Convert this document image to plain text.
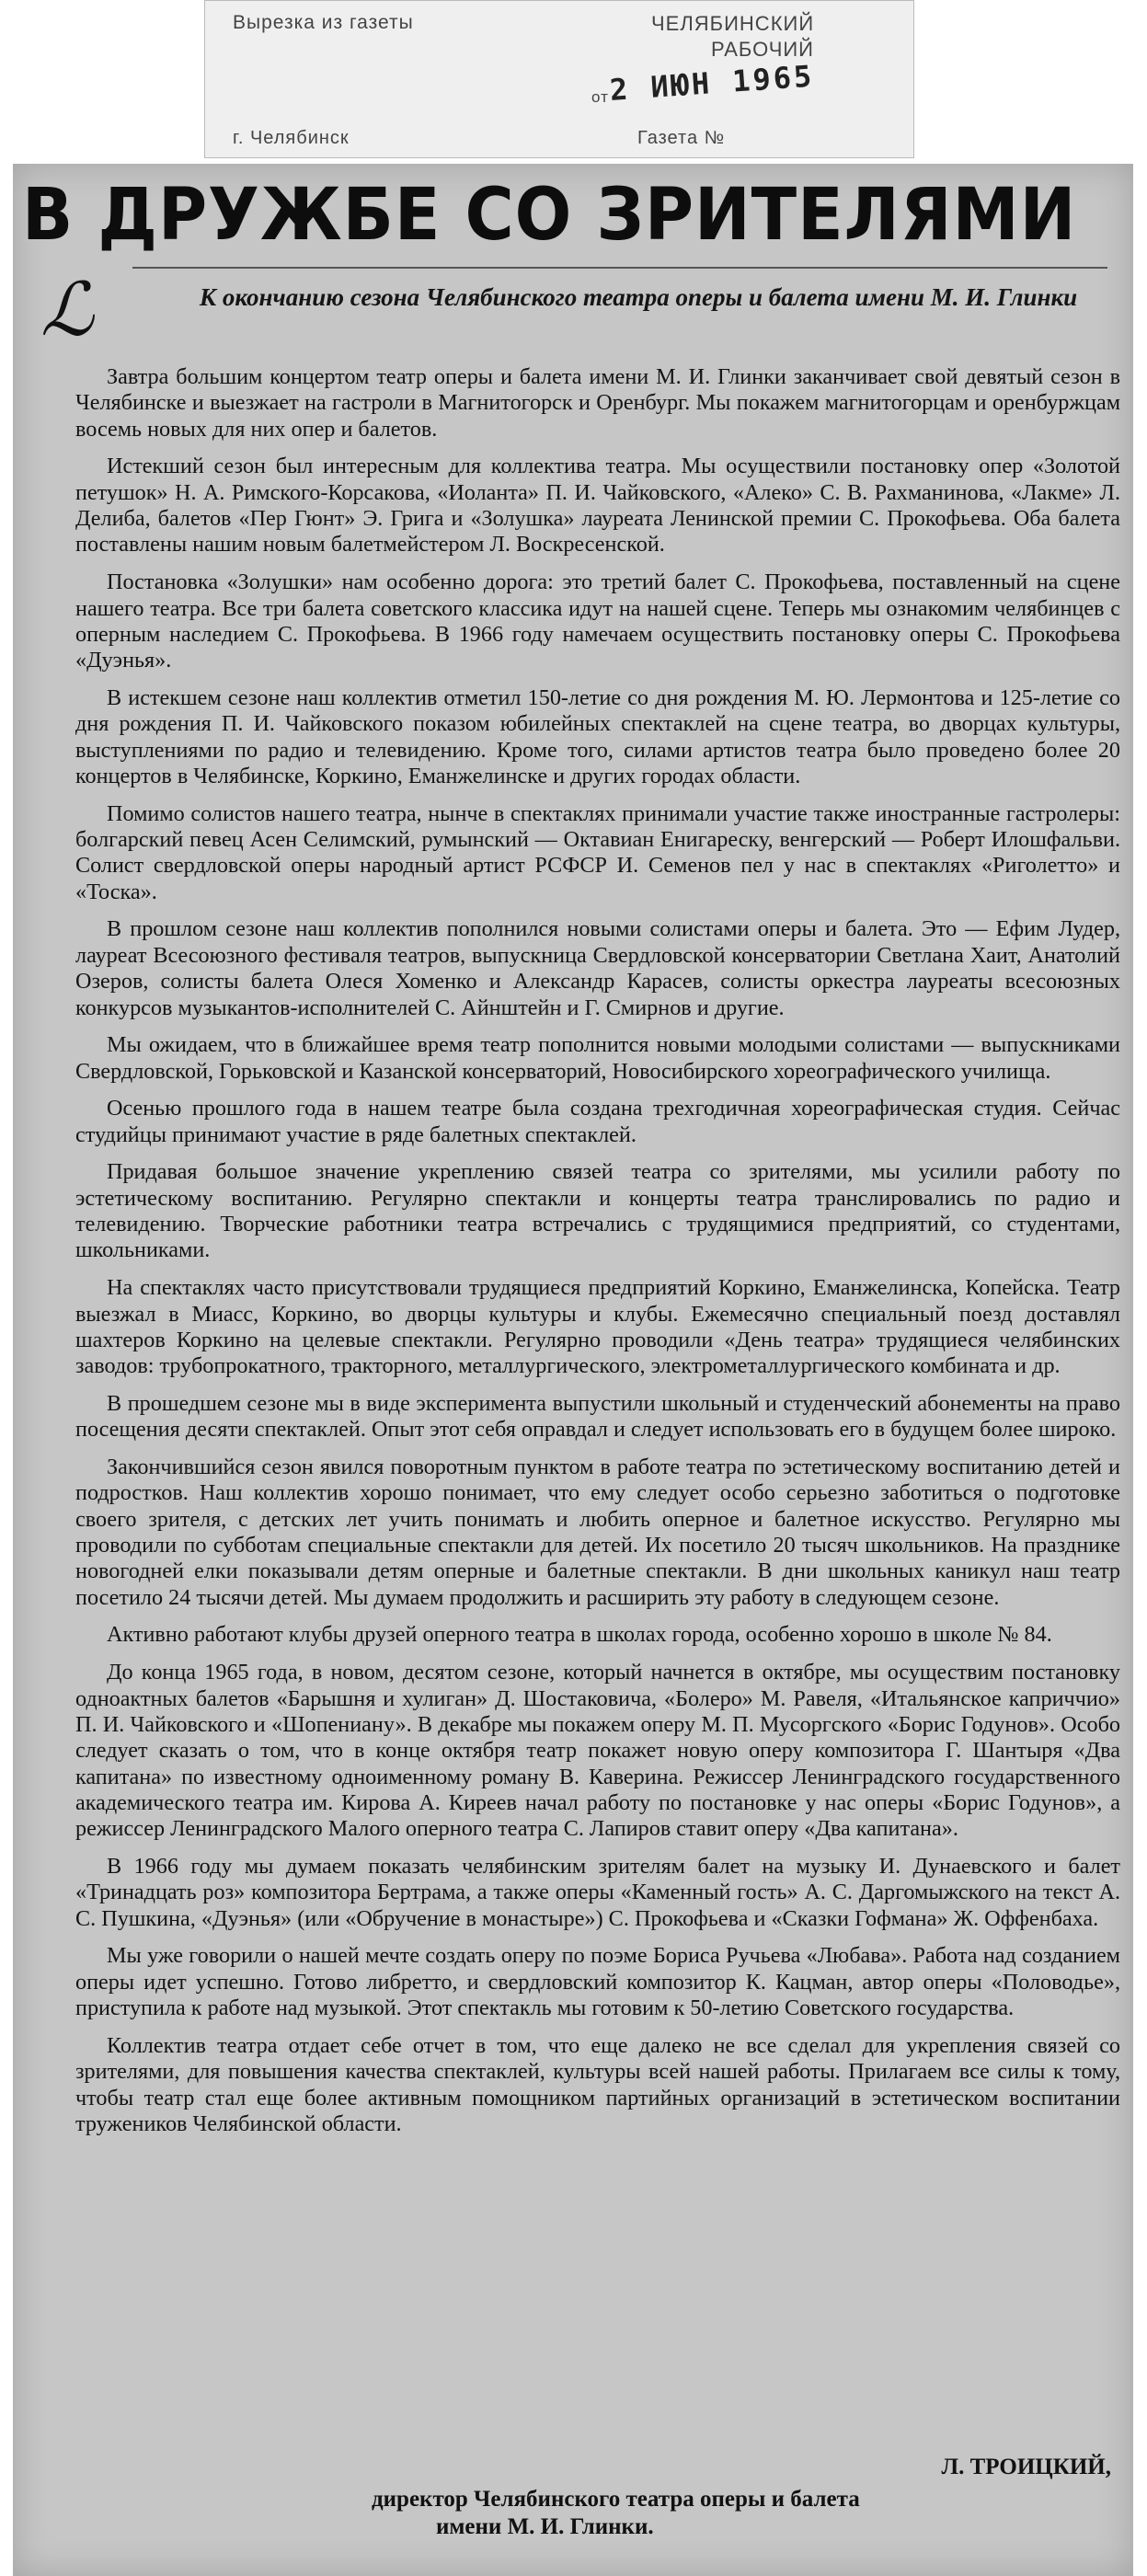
Вырезка из газеты	ЧЕЛЯБИНСКИЙ
РАБОЧИЙ
от 2 ИЮН 1965
г. Челябинск	Газета №
В ДРУЖБЕ СО ЗРИТЕЛЯМИ
ℒ	К окончанию сезона Челябинского театра оперы и балета имени М. И. Глинки

Завтра большим концертом театр оперы и балета имени М. И. Глинки заканчивает свой девятый сезон в Челябинске и выезжает на гастроли в Магнитогорск и Оренбург. Мы покажем магнитогорцам и оренбуржцам восемь новых для них опер и балетов.

Истекший сезон был интересным для коллектива театра. Мы осуществили постановку опер «Золотой петушок» Н. А. Римского-Корсакова, «Иоланта» П. И. Чайковского, «Алеко» С. В. Рахманинова, «Лакме» Л. Делиба, балетов «Пер Гюнт» Э. Грига и «Золушка» лауреата Ленинской премии С. Прокофьева. Оба балета поставлены нашим новым балетмейстером Л. Воскресенской.

Постановка «Золушки» нам особенно дорога: это третий балет С. Прокофьева, поставленный на сцене нашего театра. Все три балета советского классика идут на нашей сцене. Теперь мы ознакомим челябинцев с оперным наследием С. Прокофьева. В 1966 году намечаем осуществить постановку оперы С. Прокофьева «Дуэнья».

В истекшем сезоне наш коллектив отметил 150-летие со дня рождения М. Ю. Лермонтова и 125-летие со дня рождения П. И. Чайковского показом юбилейных спектаклей на сцене театра, во дворцах культуры, выступлениями по радио и телевидению. Кроме того, силами артистов театра было проведено более 20 концертов в Челябинске, Коркино, Еманжелинске и других городах области.

Помимо солистов нашего театра, нынче в спектаклях принимали участие также иностранные гастролеры: болгарский певец Асен Селимский, румынский — Октавиан Енигареску, венгерский — Роберт Илошфальви. Солист свердловской оперы народный артист РСФСР И. Семенов пел у нас в спектаклях «Риголетто» и «Тоска».

В прошлом сезоне наш коллектив пополнился новыми солистами оперы и балета. Это — Ефим Лудер, лауреат Всесоюзного фестиваля театров, выпускница Свердловской консерватории Светлана Хаит, Анатолий Озеров, солисты балета Олеся Хоменко и Александр Карасев, солисты оркестра лауреаты всесоюзных конкурсов музыкантов-исполнителей С. Айнштейн и Г. Смирнов и другие.

Мы ожидаем, что в ближайшее время театр пополнится новыми молодыми солистами — выпускниками Свердловской, Горьковской и Казанской консерваторий, Новосибирского хореографического училища.

Осенью прошлого года в нашем театре была создана трехгодичная хореографическая студия. Сейчас студийцы принимают участие в ряде балетных спектаклей.

Придавая большое значение укреплению связей театра со зрителями, мы усилили работу по эстетическому воспитанию. Регулярно спектакли и концерты театра транслировались по радио и телевидению. Творческие работники театра встречались с трудящимися предприятий, со студентами, школьниками.

На спектаклях часто присутствовали трудящиеся предприятий Коркино, Еманжелинска, Копейска. Театр выезжал в Миасс, Коркино, во дворцы культуры и клубы. Ежемесячно специальный поезд доставлял шахтеров Коркино на целевые спектакли. Регулярно проводили «День театра» трудящиеся челябинских заводов: трубопрокатного, тракторного, металлургического, электрометаллургического комбината и др.

В прошедшем сезоне мы в виде эксперимента выпустили школьный и студенческий абонементы на право посещения десяти спектаклей. Опыт этот себя оправдал и следует использовать его в будущем более широко.

Закончившийся сезон явился поворотным пунктом в работе театра по эстетическому воспитанию детей и подростков. Наш коллектив хорошо понимает, что ему следует особо серьезно заботиться о подготовке своего зрителя, с детских лет учить понимать и любить оперное и балетное искусство. Регулярно мы проводили по субботам специальные спектакли для детей. Их посетило 20 тысяч школьников. На празднике новогодней елки показывали детям оперные и балетные спектакли. В дни школьных каникул наш театр посетило 24 тысячи детей. Мы думаем продолжить и расширить эту работу в следующем сезоне.

Активно работают клубы друзей оперного театра в школах города, особенно хорошо в школе № 84.

До конца 1965 года, в новом, десятом сезоне, который начнется в октябре, мы осуществим постановку одноактных балетов «Барышня и хулиган» Д. Шостаковича, «Болеро» М. Равеля, «Итальянское каприччио» П. И. Чайковского и «Шопениану». В декабре мы покажем оперу М. П. Мусоргского «Борис Годунов». Особо следует сказать о том, что в конце октября театр покажет новую оперу композитора Г. Шантыря «Два капитана» по известному одноименному роману В. Каверина. Режиссер Ленинградского государственного академического театра им. Кирова А. Киреев начал работу по постановке у нас оперы «Борис Годунов», а режиссер Ленинградского Малого оперного театра С. Лапиров ставит оперу «Два капитана».

В 1966 году мы думаем показать челябинским зрителям балет на музыку И. Дунаевского и балет «Тринадцать роз» композитора Бертрама, а также оперы «Каменный гость» А. С. Даргомыжского на текст А. С. Пушкина, «Дуэнья» (или «Обручение в монастыре») С. Прокофьева и «Сказки Гофмана» Ж. Оффенбаха.

Мы уже говорили о нашей мечте создать оперу по поэме Бориса Ручьева «Любава». Работа над созданием оперы идет успешно. Готово либретто, и свердловский композитор К. Кацман, автор оперы «Половодье», приступила к работе над музыкой. Этот спектакль мы готовим к 50-летию Советского государства.

Коллектив театра отдает себе отчет в том, что еще далеко не все сделал для укрепления связей со зрителями, для повышения качества спектаклей, культуры всей нашей работы. Прилагаем все силы к тому, чтобы театр стал еще более активным помощником партийных организаций в эстетическом воспитании тружеников Челябинской области.

Л. ТРОИЦКИЙ,
директор Челябинского театра оперы и балета
имени М. И. Глинки.
